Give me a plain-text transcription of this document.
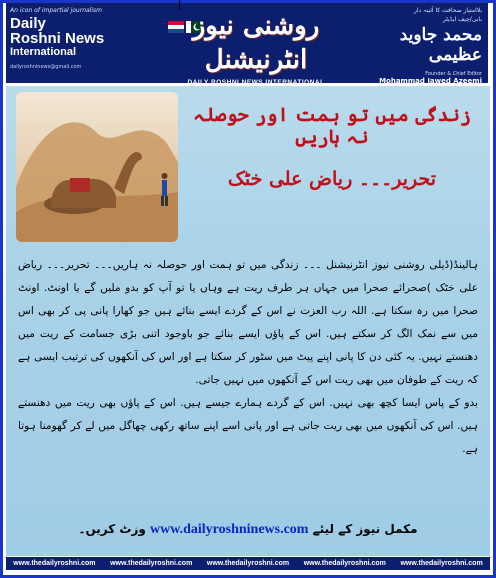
An icon of impartial journalism
Daily
Roshni News
International
dailyroshninews@gmail.com
روشنی نیوز انٹرنیشنل
DAILY ROSHNI NEWS INTERNATIONAL
بلاامتیاز صحافت کا آئینہ دار
بانی/چیف ایڈیٹر
محمد جاوید عظیمی
Founder & Chief Editor
Mohammad Jawed Azeemi
زندگی میں تو ہمت اور حوصلہ نہ ہاریں
تحریر۔۔۔ ریاض علی خٹک

ہالینڈ(ڈیلی روشنی نیوز انٹرنیشنل ۔۔۔ زندگی میں تو ہمت اور حوصلہ نہ ہاریں۔۔۔ تحریر۔۔۔ ریاض علی خٹک )صحرائے صحرا میں جہاں ہر طرف ریت ہے وہاں یا تو آپ کو بدو ملیں گے یا اونٹ. اونٹ صحرا میں رہ سکتا ہے. اللہ رب العزت نے اس کے گردے ایسے بنائے ہیں جو کھارا پانی پی کر بھی اس میں سے نمک الگ کر سکتے ہیں. اس کے پاؤں ایسے بنائے جو باوجود اتنی بڑی جسامت کے ریت میں دھنستے نہیں. یہ کئی دن کا پانی اپنے پیٹ میں سٹور کر سکتا ہے اور اس کی آنکھوں کی ترتیب ایسی ہے کہ ریت کے طوفان میں بھی ریت اس کے آنکھوں میں نہیں جاتی.

بدو کے پاس ایسا کچھ بھی نہیں. اس کے گردے ہمارے جیسے ہیں. اس کے پاؤں بھی ریت میں دھنستے ہیں. اس کی آنکھوں میں بھی ریت جاتی ہے اور پانی اسے اپنے ساتھ رکھی چھاگل میں لے کر گھومنا ہوتا ہے.

مکمل نیوز کے لیئے www.dailyroshninews.com وزٹ کریں۔
www.thedailyroshni.com www.thedailyroshni.com www.thedailyroshni.com www.thedailyroshni.com www.thedailyroshni.com
